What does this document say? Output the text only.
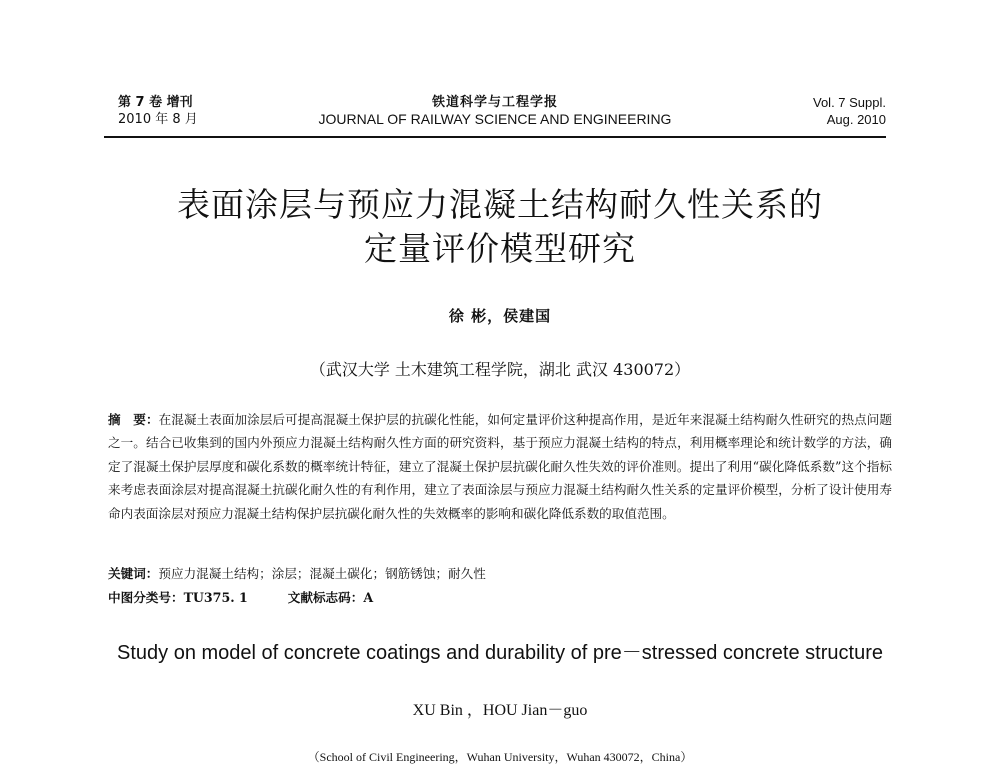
第 7 卷 增刊
2010 年 8 月
铁道科学与工程学报
JOURNAL OF RAILWAY SCIENCE AND ENGINEERING
Vol. 7 Suppl.
Aug. 2010
表面涂层与预应力混凝土结构耐久性关系的
定量评价模型研究
徐 彬，侯建国
（武汉大学 土木建筑工程学院，湖北 武汉 430072）
摘　要：在混凝土表面加涂层后可提高混凝土保护层的抗碳化性能，如何定量评价这种提高作用，是近年来混凝土结构耐久性研究的热点问题之一。结合已收集到的国内外预应力混凝土结构耐久性方面的研究资料，基于预应力混凝土结构的特点，利用概率理论和统计数学的方法，确定了混凝土保护层厚度和碳化系数的概率统计特征，建立了混凝土保护层抗碳化耐久性失效的评价准则。提出了利用“碳化降低系数”这个指标来考虑表面涂层对提高混凝土抗碳化耐久性的有利作用，建立了表面涂层与预应力混凝土结构耐久性关系的定量评价模型，分析了设计使用寿命内表面涂层对预应力混凝土结构保护层抗碳化耐久性的失效概率的影响和碳化降低系数的取值范围。
关键词：预应力混凝土结构；涂层；混凝土碳化；钢筋锈蚀；耐久性
中图分类号：TU375. 1	文献标志码：A
Study on model of concrete coatings and durability of pre－stressed concrete structure
XU Bin ，HOU Jian－guo
（School of Civil Engineering，Wuhan University，Wuhan 430072，China）
